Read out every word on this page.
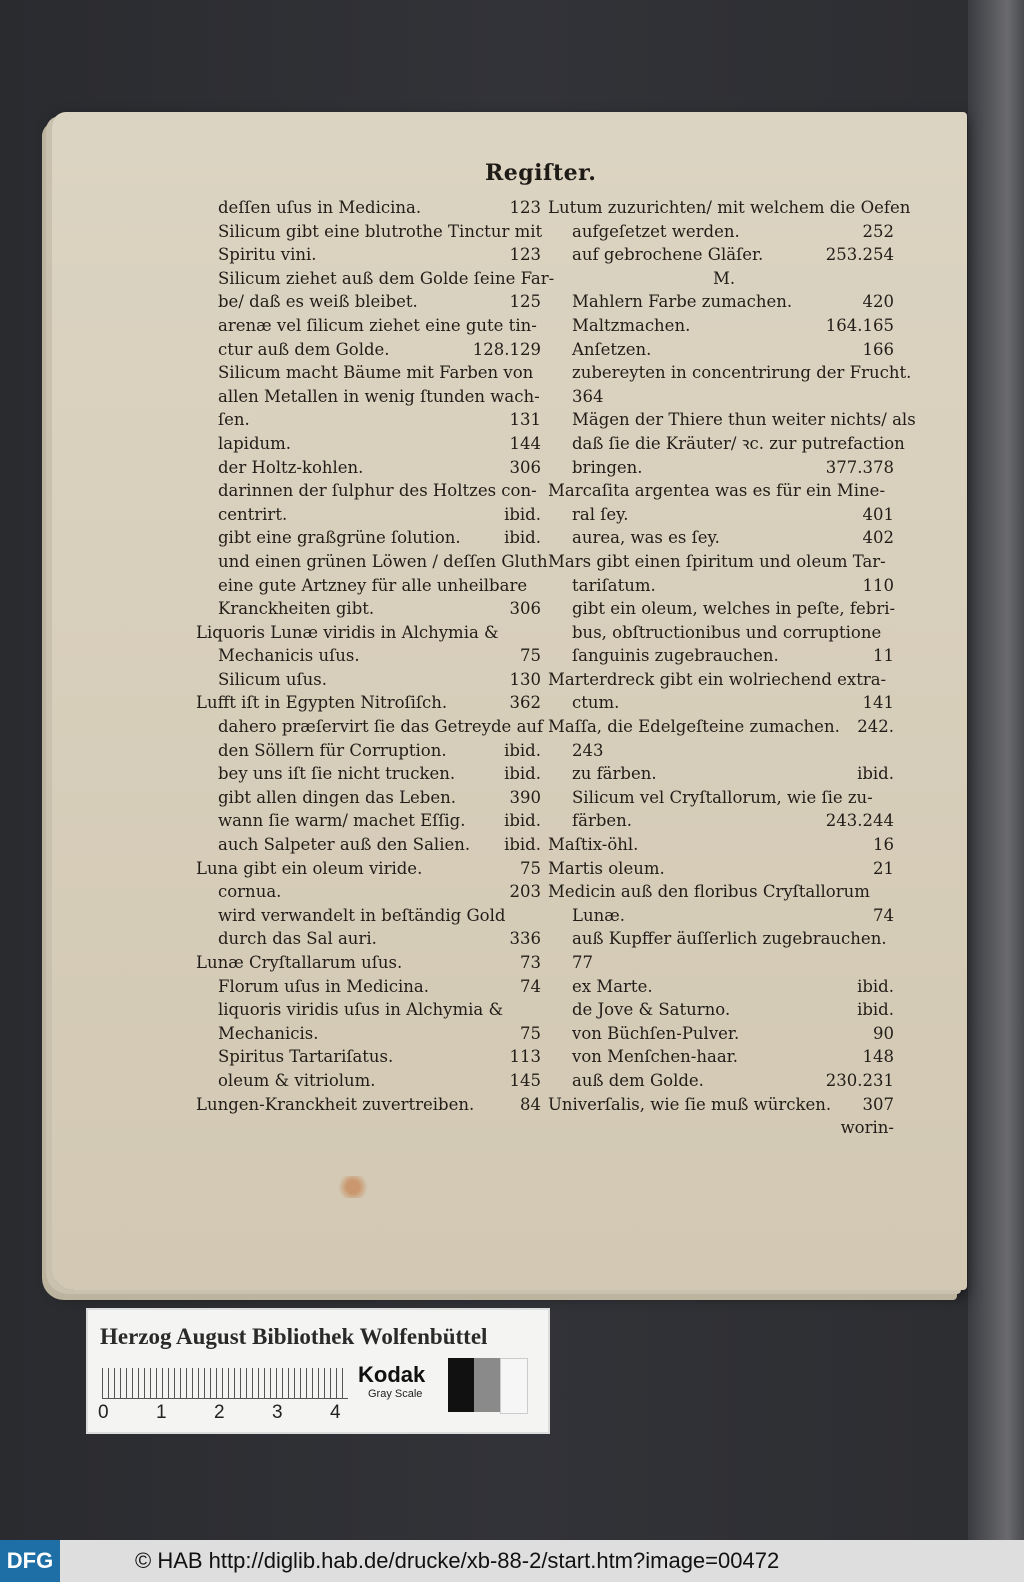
Regiſter.
deſſen uſus in Medicina.	123
Silicum gibt eine blutrothe Tinctur mit
Spiritu vini.	123
Silicum ziehet auß dem Golde ſeine Far-
be/ daß es weiß bleibet.	125
arenæ vel ſilicum ziehet eine gute tin-
ctur auß dem Golde.	128.129
Silicum macht Bäume mit Farben von
allen Metallen in wenig ſtunden wach-
ſen.	131
lapidum.	144
der Holtz-kohlen.	306
darinnen der ſulphur des Holtzes con-
centrirt.	ibid.
gibt eine graßgrüne ſolution.	ibid.
und einen grünen Löwen / deſſen Gluth
eine gute Artzney für alle unheilbare
Kranckheiten gibt.	306
Liquoris Lunæ viridis in Alchymia &
Mechanicis uſus.	75
Silicum uſus.	130
Lufft iſt in Egypten Nitroſiſch.	362
dahero præſervirt ſie das Getreyde auf
den Söllern für Corruption.	ibid.
bey uns iſt ſie nicht trucken.	ibid.
gibt allen dingen das Leben.	390
wann ſie warm/ machet Eſſig. ibid.
auch Salpeter auß den Salien. ibid.
Luna gibt ein oleum viride.	75
cornua.	203
wird verwandelt in beſtändig Gold
durch das Sal auri.	336
Lunæ Cryſtallarum uſus.	73
Florum uſus in Medicina.	74
liquoris viridis uſus in Alchymia &
Mechanicis.	75
Spiritus Tartariſatus.	113
oleum & vitriolum.	145
Lungen-Kranckheit zuvertreiben.	84
Lutum zuzurichten/ mit welchem die Oefen
aufgeſetzet werden.	252
auf gebrochene Gläſer.	253.254
M.
Mahlern Farbe zumachen.	420
Maltzmachen.	164.165
Anſetzen.	166
zubereyten in concentrirung der Frucht.
364
Mägen der Thiere thun weiter nichts/ als
daß ſie die Kräuter/ ꝛc. zur putrefaction
bringen.	377.378
Marcaſita argentea was es für ein Mine-
ral ſey.	401
aurea, was es ſey.	402
Mars gibt einen ſpiritum und oleum Tar-
tariſatum.	110
gibt ein oleum, welches in peſte, febri-
bus, obſtructionibus und corruptione
ſanguinis zugebrauchen.	11
Marterdreck gibt ein wolriechend extra-
ctum.	141
Maſſa, die Edelgeſteine zumachen. 242.
243
zu färben.	ibid.
Silicum vel Cryſtallorum, wie ſie zu-
färben.	243.244
Maſtix-öhl.	16
Martis oleum.	21
Medicin auß den floribus Cryſtallorum
Lunæ.	74
auß Kupffer äuſſerlich zugebrauchen.
77
ex Marte.	ibid.
de Jove & Saturno.	ibid.
von Büchſen-Pulver.	90
von Menſchen-haar.	148
auß dem Golde.	230.231
Univerſalis, wie ſie muß würcken. 307
worin-
Herzog August Bibliothek Wolfenbüttel
0 1 2 3 4
Kodak
Gray Scale
DFG	© HAB http://diglib.hab.de/drucke/xb-88-2/start.htm?image=00472
